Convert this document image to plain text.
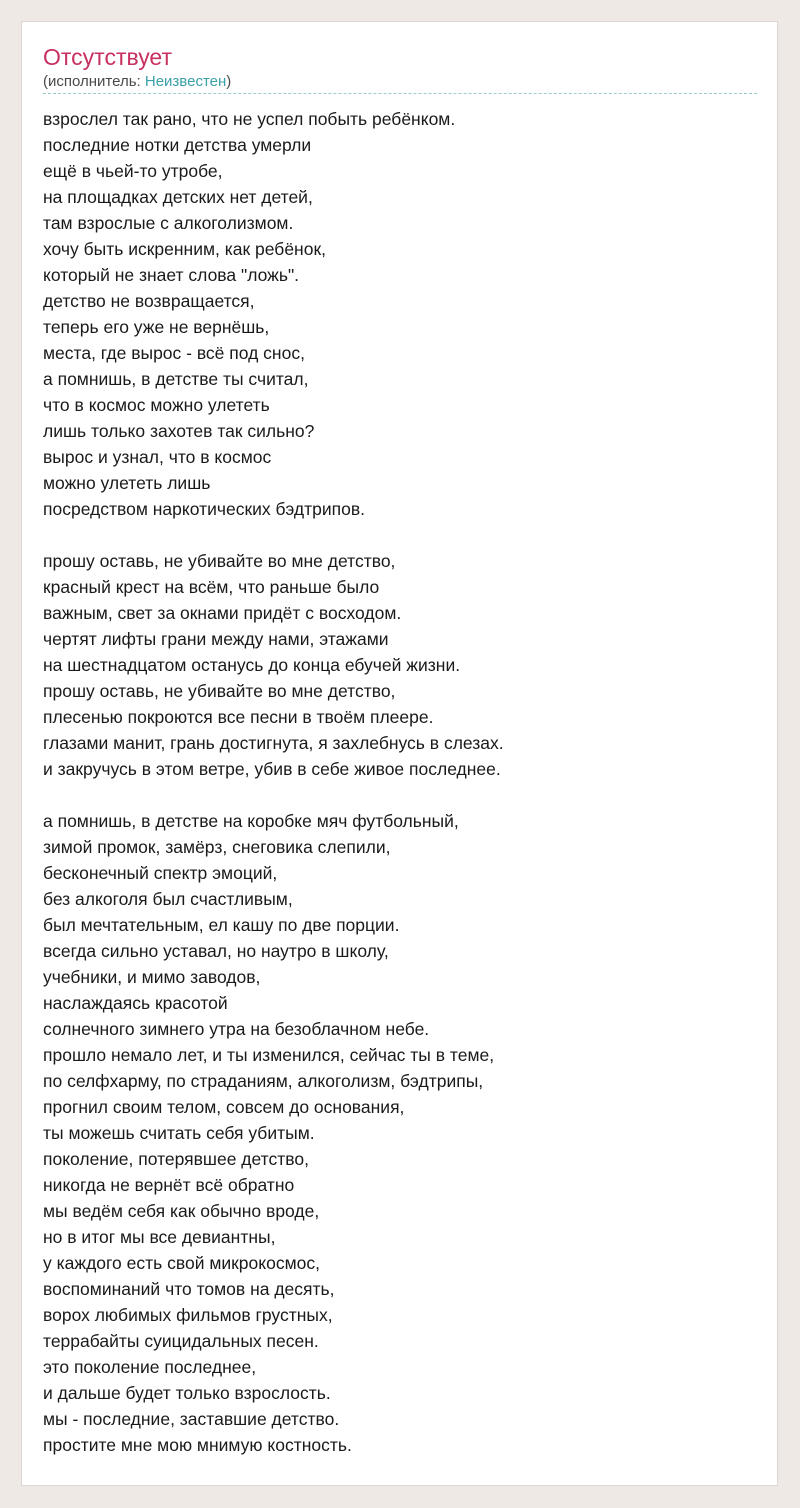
Отсутствует
(исполнитель: Неизвестен)
взрослел так рано, что не успел побыть ребёнком.
последние нотки детства умерли
ещё в чьей-то утробе,
на площадках детских нет детей,
там взрослые с алкоголизмом.
хочу быть искренним, как ребёнок,
который не знает слова "ложь".
детство не возвращается,
теперь его уже не вернёшь,
места, где вырос - всё под снос,
а помнишь, в детстве ты считал,
что в космос можно улететь
лишь только захотев так сильно?
вырос и узнал, что в космос
можно улететь лишь
посредством наркотических бэдтрипов.
прошу оставь, не убивайте во мне детство,
красный крест на всём, что раньше было
важным, свет за окнами придёт с восходом.
чертят лифты грани между нами, этажами
на шестнадцатом останусь до конца ебучей жизни.
прошу оставь, не убивайте во мне детство,
плесенью покроются все песни в твоём плеере.
глазами манит, грань достигнута, я захлебнусь в слезах.
и закручусь в этом ветре, убив в себе живое последнее.
а помнишь, в детстве на коробке мяч футбольный,
зимой промок, замёрз, снеговика слепили,
бесконечный спектр эмоций,
без алкоголя был счастливым,
был мечтательным, ел кашу по две порции.
всегда сильно уставал, но наутро в школу,
учебники, и мимо заводов,
наслаждаясь красотой
солнечного зимнего утра на безоблачном небе.
прошло немало лет, и ты изменился, сейчас ты в теме,
по селфхарму, по страданиям, алкоголизм, бэдтрипы,
прогнил своим телом, совсем до основания,
ты можешь считать себя убитым.
поколение, потерявшее детство,
никогда не вернёт всё обратно
мы ведём себя как обычно вроде,
но в итог мы все девиантны,
у каждого есть свой микрокосмос,
воспоминаний что томов на десять,
ворох любимых фильмов грустных,
террабайты суицидальных песен.
это поколение последнее,
и дальше будет только взрослость.
мы - последние, заставшие детство.
простите мне мою мнимую костность.
